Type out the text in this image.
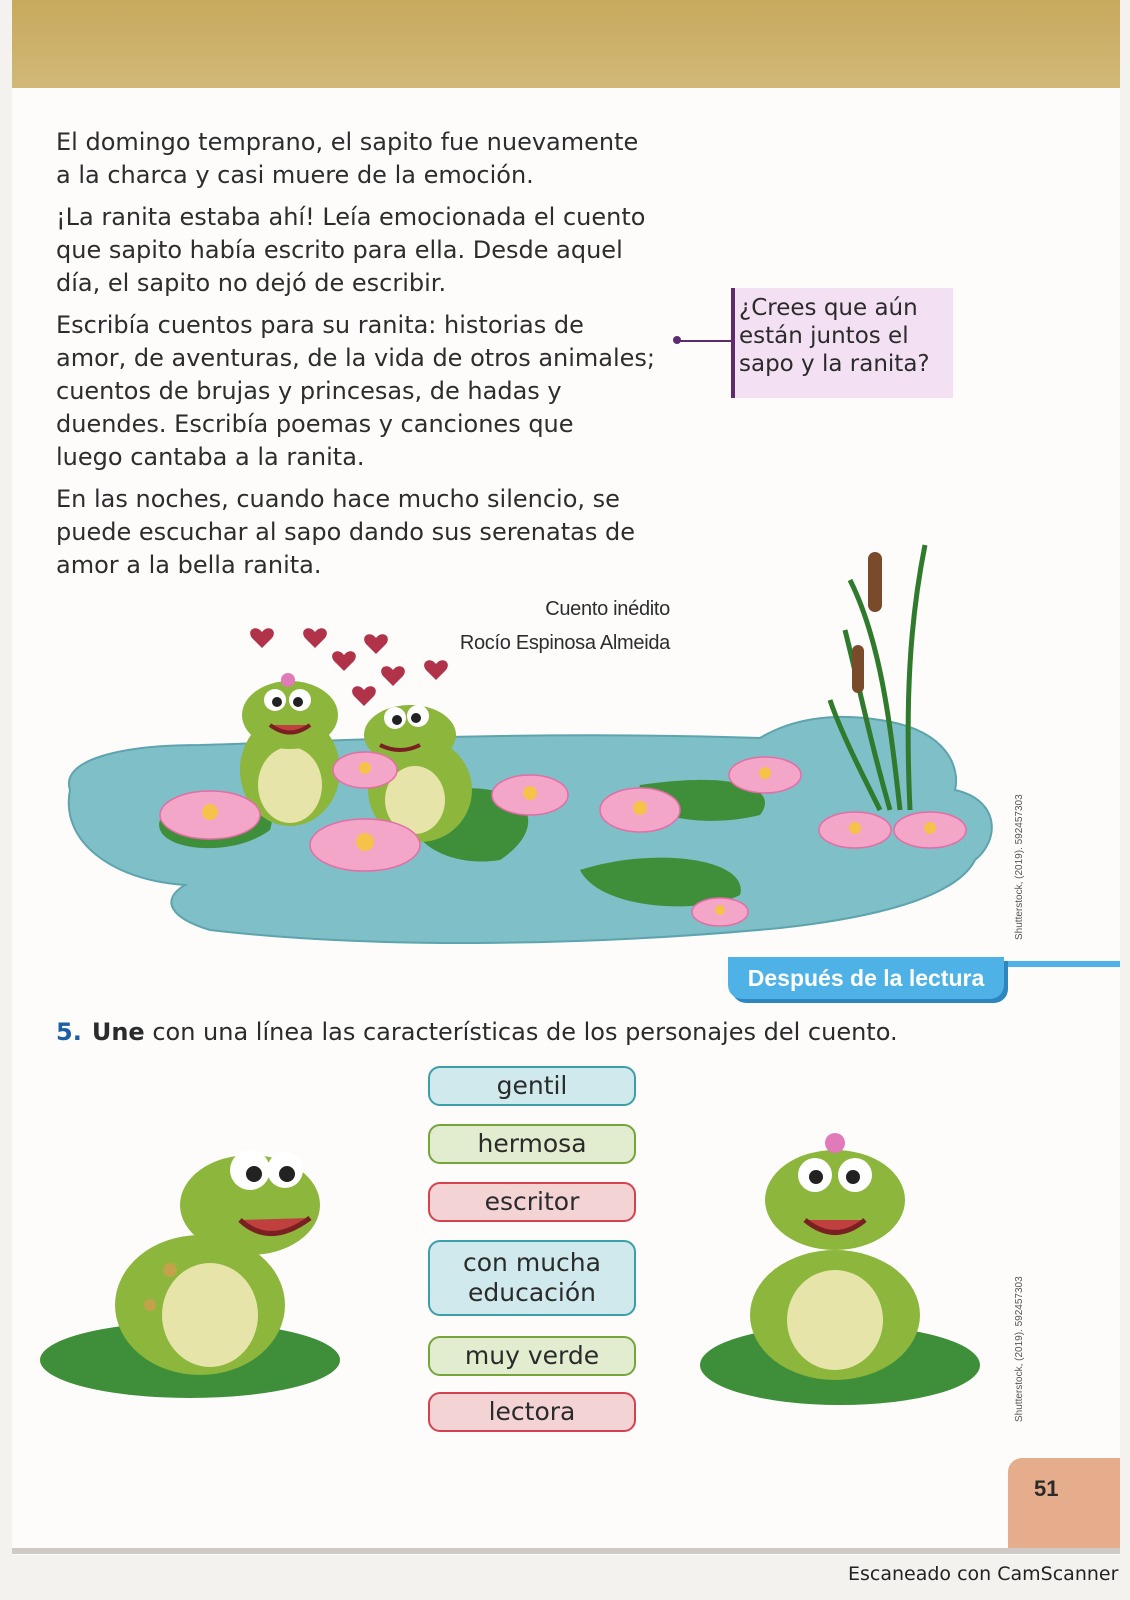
El domingo temprano, el sapito fue nuevamente
a la charca y casi muere de la emoción.

¡La ranita estaba ahí! Leía emocionada el cuento
que sapito había escrito para ella. Desde aquel
día, el sapito no dejó de escribir.

Escribía cuentos para su ranita: historias de
amor, de aventuras, de la vida de otros animales;
cuentos de brujas y princesas, de hadas y
duendes. Escribía poemas y canciones que
luego cantaba a la ranita.

En las noches, cuando hace mucho silencio, se
puede escuchar al sapo dando sus serenatas de
amor a la bella ranita.

Cuento inédito
Rocío Espinosa Almeida
¿Crees que aún
están juntos el
sapo y la ranita?
Shutterstock, (2019). 592457303
Después de la lectura
5. Une con una línea las características de los personajes del cuento.
gentil
hermosa
escritor
con mucha
educación
muy verde
lectora	Shutterstock, (2019). 592457303
51
Escaneado con CamScanner
